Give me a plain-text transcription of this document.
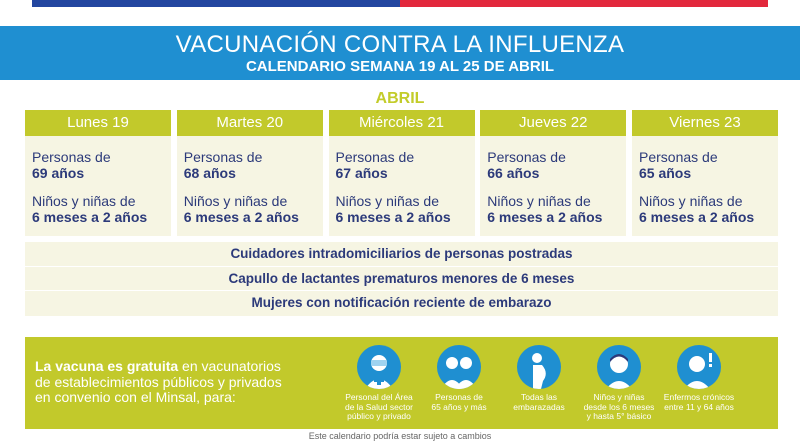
VACUNACIÓN CONTRA LA INFLUENZA
CALENDARIO SEMANA 19 AL 25 DE ABRIL
ABRIL
Lunes 19
Personas de
69 años
Niños y niñas de
6 meses a 2 años
Martes 20
Personas de
68 años
Niños y niñas de
6 meses a 2 años
Miércoles 21
Personas de
67 años
Niños y niñas de
6 meses a 2 años
Jueves 22
Personas de
66 años
Niños y niñas de
6 meses a 2 años
Viernes 23
Personas de
65 años
Niños y niñas de
6 meses a 2 años
Cuidadores intradomiciliarios de personas postradas
Capullo de lactantes prematuros menores de 6 meses
Mujeres con notificación reciente de embarazo
La vacuna es gratuita en vacunatorios
de establecimientos públicos y privados
en convenio con el Minsal, para:	Personal del Área
de la Salud sector
público y privado
Personas de
65 años y más
Todas las
embarazadas
Niños y niñas
desde los 6 meses
y hasta 5° básico
Enfermos crónicos
entre 11 y 64 años
Este calendario podría estar sujeto a cambios
